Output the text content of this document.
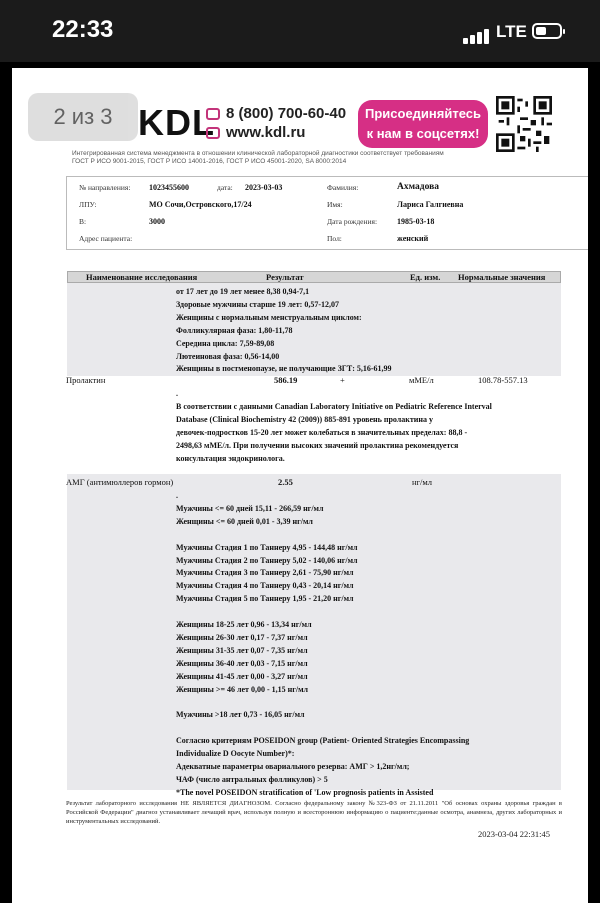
22:33	LTE
KDL 8 (800) 700-60-40
www.kdl.ru
Присоединяйтесь
к нам в соцсетях!
Интегрированная система менеджмента в отношении клинической лабораторной диагностики соответствует требованиям
ГОСТ Р ИСО 9001-2015, ГОСТ Р ИСО 14001-2016, ГОСТ Р ИСО 45001-2020, SA 8000:2014
2 из 3
№ направления: 1023455600	дата: 2023-03-03
ЛПУ:	МО Сочи,Островского,17/24
В:	3000
Адрес пациента:
Фамилия:	Ахмадова
Имя:	Лариса Галгиевна
Дата рождения: 1985-03-18
Пол:	женский
Наименование исследования	Результат	Ед. изм. Нормальные значения
от 17 лет до 19 лет менее 8,38 0,94-7,1
Здоровые мужчины старше 19 лет: 0,57-12,07
Женщины с нормальным менструальным циклом:
Фолликулярная фаза: 1,80-11,78
Середина цикла: 7,59-89,08
Лютеиновая фаза: 0,56-14,00
Женщины в постменопаузе, не получающие ЗГТ: 5,16-61,99
Пролактин	586.19	+	мМЕ/л	108.78-557.13
.
В соответствии с данными Canadian Laboratory Initiative on Pediatric Reference Interval
Database (Clinical Biochemistry 42 (2009)) 885-891 уровень пролактина у
девочек-подростков 15-20 лет может колебаться в значительных пределах: 88,8 -
2498,63 мМЕ/л. При получении высоких значений пролактина рекомендуется
консультация эндокринолога.
АМГ (антимюллеров гормон)	2.55	нг/мл
.
Мужчины <= 60 дней 15,11 - 266,59 нг/мл
Женщины <= 60 дней 0,01 - 3,39 нг/мл

Мужчины Стадия 1 по Таннеру 4,95 - 144,48 нг/мл
Мужчины Стадия 2 по Таннеру 5,02 - 140,06 нг/мл
Мужчины Стадия 3 по Таннеру 2,61 - 75,90 нг/мл
Мужчины Стадия 4 по Таннеру 0,43 - 20,14 нг/мл
Мужчины Стадия 5 по Таннеру 1,95 - 21,20 нг/мл

Женщины 18-25 лет 0,96 - 13,34 нг/мл
Женщины 26-30 лет 0,17 - 7,37 нг/мл
Женщины 31-35 лет 0,07 - 7,35 нг/мл
Женщины 36-40 лет 0,03 - 7,15 нг/мл
Женщины 41-45 лет 0,00 - 3,27 нг/мл
Женщины >= 46 лет 0,00 - 1,15 нг/мл

Мужчины >18 лет 0,73 - 16,05 нг/мл

Согласно критериям POSEIDON group (Patient- Oriented Strategies Encompassing
Individualize D Oocyte Number)*:
Адекватные параметры овариального резерва: АМГ > 1,2нг/мл;
ЧАФ (число антральных фолликулов) > 5
*The novel POSEIDON stratification of 'Low prognosis patients in Assisted
Результат лабораторного исследования НЕ ЯВЛЯЕТСЯ ДИАГНОЗОМ. Согласно федеральному закону №323-ФЗ от 21.11.2011 "Об основах охраны здоровья граждан в Российской Федерации" диагноз устанавливает лечащий врач, используя полную и всестороннюю информацию о пациенте:данные осмотра, анамнеза, других лабораторных и инструментальных исследований.
2023-03-04 22:31:45
